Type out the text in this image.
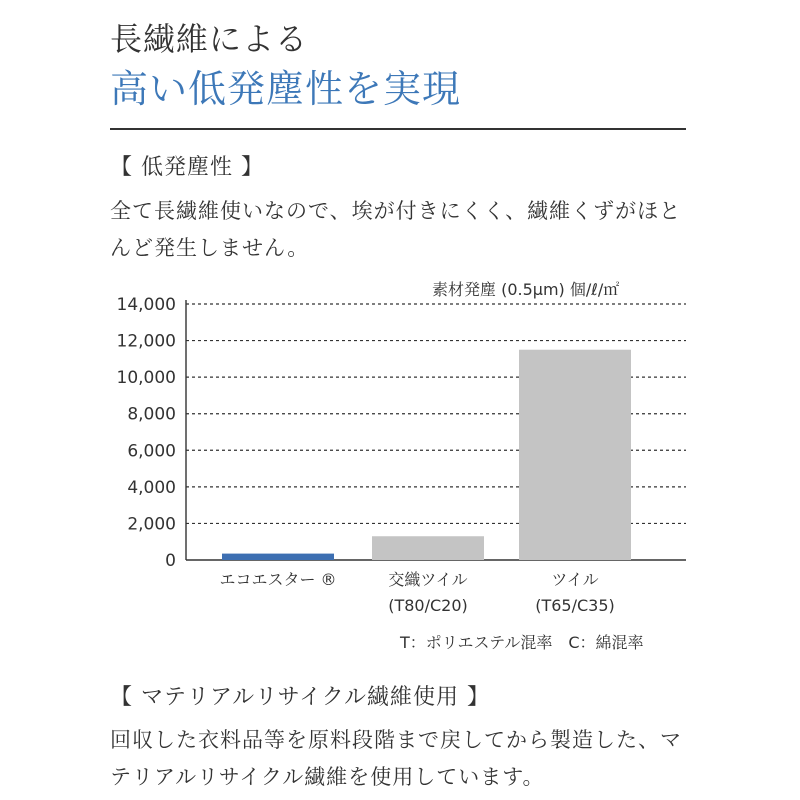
長繊維による
高い低発塵性を実現
【 低発塵性 】
全て長繊維使いなので、埃が付きにくく、繊維くずがほとんど発生しません。
素材発塵 (0.5μm) 個/ℓ/㎡
0
2,000
4,000
6,000
8,000
10,000
12,000
14,000
エコエスター ®	交織ツイル
(T80/C20)
ツイル
(T65/C35)
T：ポリエステル混率　C：綿混率
【 マテリアルリサイクル繊維使用 】
回収した衣料品等を原料段階まで戻してから製造した、マテリアルリサイクル繊維を使用しています。
